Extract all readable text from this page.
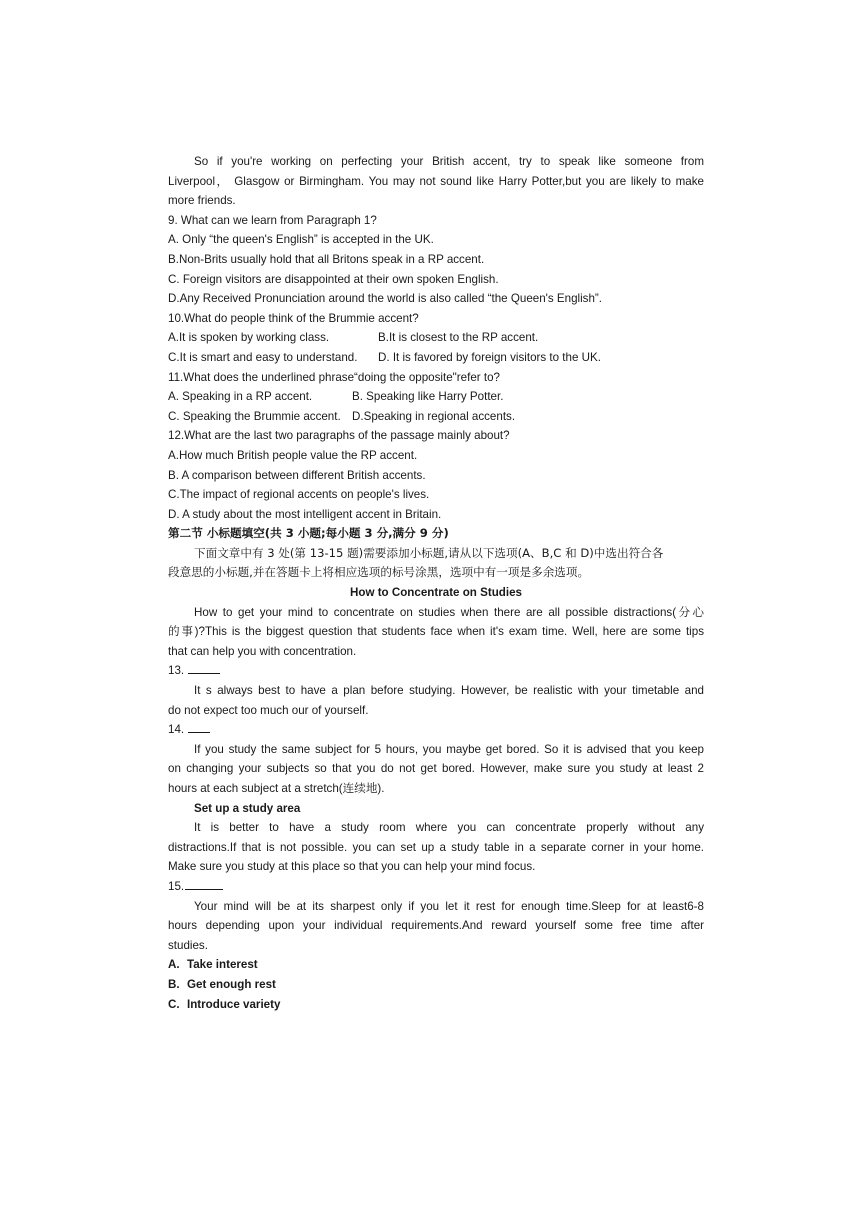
So if you're working on perfecting your British accent, try to speak like someone from
Liverpool， Glasgow or Birmingham. You may not sound like Harry Potter,but you are likely to make
more friends.
9. What can we learn from Paragraph 1?
A. Only “the queen's English” is accepted in the UK.
B.Non-Brits usually hold that all Britons speak in a RP accent.
C. Foreign visitors are disappointed at their own spoken English.
D.Any Received Pronunciation around the world is also called “the Queen's English”.
10.What do people think of the Brummie accent?
A.It is spoken by working class.	B.It is closest to the RP accent.
C.It is smart and easy to understand. D. It is favored by foreign visitors to the UK.
11.What does the underlined phrase“doing the opposite"refer to?
A. Speaking in a RP accent.	B. Speaking like Harry Potter.
C. Speaking the Brummie accent. D.Speaking in regional accents.
12.What are the last two paragraphs of the passage mainly about?
A.How much British people value the RP accent.
B. A comparison between different British accents.
C.The impact of regional accents on people's lives.
D. A study about the most intelligent accent in Britain.
第二节 小标题填空(共 3 小题;每小题 3 分,满分 9 分)
下面文章中有 3 处(第 13-15 题)需要添加小标题,请从以下选项(A、B,C 和 D)中选出符合各
段意思的小标题,并在答题卡上将相应选项的标号涂黑，选项中有一项是多余选项。
How to Concentrate on Studies
How to get your mind to concentrate on studies when there are all possible distractions(分心
的事)?This is the biggest question that students face when it's exam time. Well, here are some tips
that can help you with concentration.
13.
It s always best to have a plan before studying. However, be realistic with your timetable and
do not expect too much our of yourself.
14.
If you study the same subject for 5 hours, you maybe get bored. So it is advised that you keep
on changing your subjects so that you do not get bored. However, make sure you study at least 2
hours at each subject at a stretch(连续地).
Set up a study area
It is better to have a study room where you can concentrate properly without any
distractions.If that is not possible. you can set up a study table in a separate corner in your home.
Make sure you study at this place so that you can help your mind focus.
15.
Your mind will be at its sharpest only if you let it rest for enough time.Sleep for at least6-8
hours depending upon your individual requirements.And reward yourself some free time after
studies.
A. Take interest
B. Get enough rest
C. Introduce variety
